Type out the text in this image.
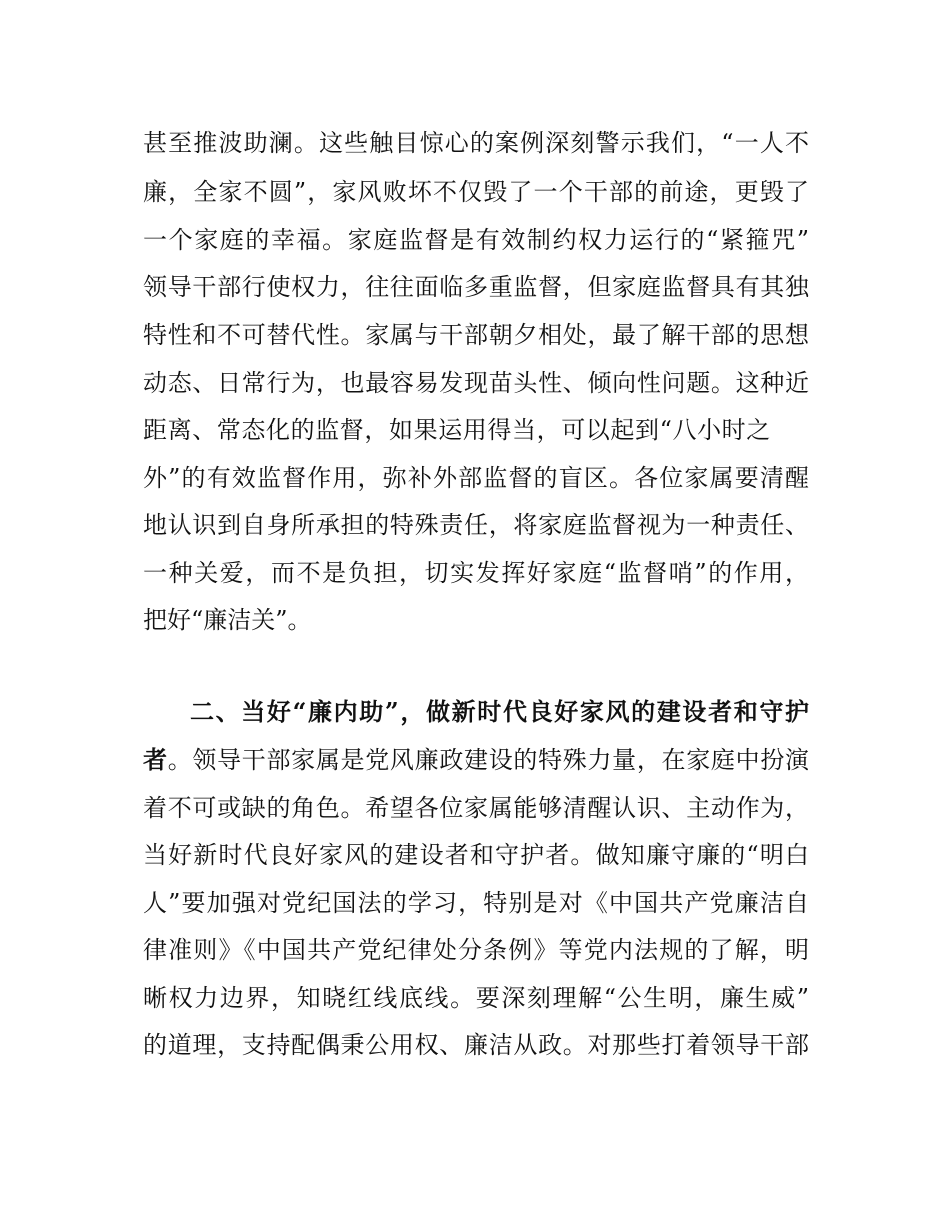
甚至推波助澜。这些触目惊心的案例深刻警示我们，“一人不
廉，全家不圆”，家风败坏不仅毁了一个干部的前途，更毁了
一个家庭的幸福。家庭监督是有效制约权力运行的“紧箍咒”
领导干部行使权力，往往面临多重监督，但家庭监督具有其独
特性和不可替代性。家属与干部朝夕相处，最了解干部的思想
动态、日常行为，也最容易发现苗头性、倾向性问题。这种近
距离、常态化的监督，如果运用得当，可以起到“八小时之
外”的有效监督作用，弥补外部监督的盲区。各位家属要清醒
地认识到自身所承担的特殊责任，将家庭监督视为一种责任、
一种关爱，而不是负担，切实发挥好家庭“监督哨”的作用，
把好“廉洁关”。
二、当好“廉内助”，做新时代良好家风的建设者和守护
者。领导干部家属是党风廉政建设的特殊力量，在家庭中扮演
着不可或缺的角色。希望各位家属能够清醒认识、主动作为，
当好新时代良好家风的建设者和守护者。做知廉守廉的“明白
人”要加强对党纪国法的学习，特别是对《中国共产党廉洁自
律准则》《中国共产党纪律处分条例》等党内法规的了解，明
晰权力边界，知晓红线底线。要深刻理解“公生明，廉生威”
的道理，支持配偶秉公用权、廉洁从政。对那些打着领导干部
